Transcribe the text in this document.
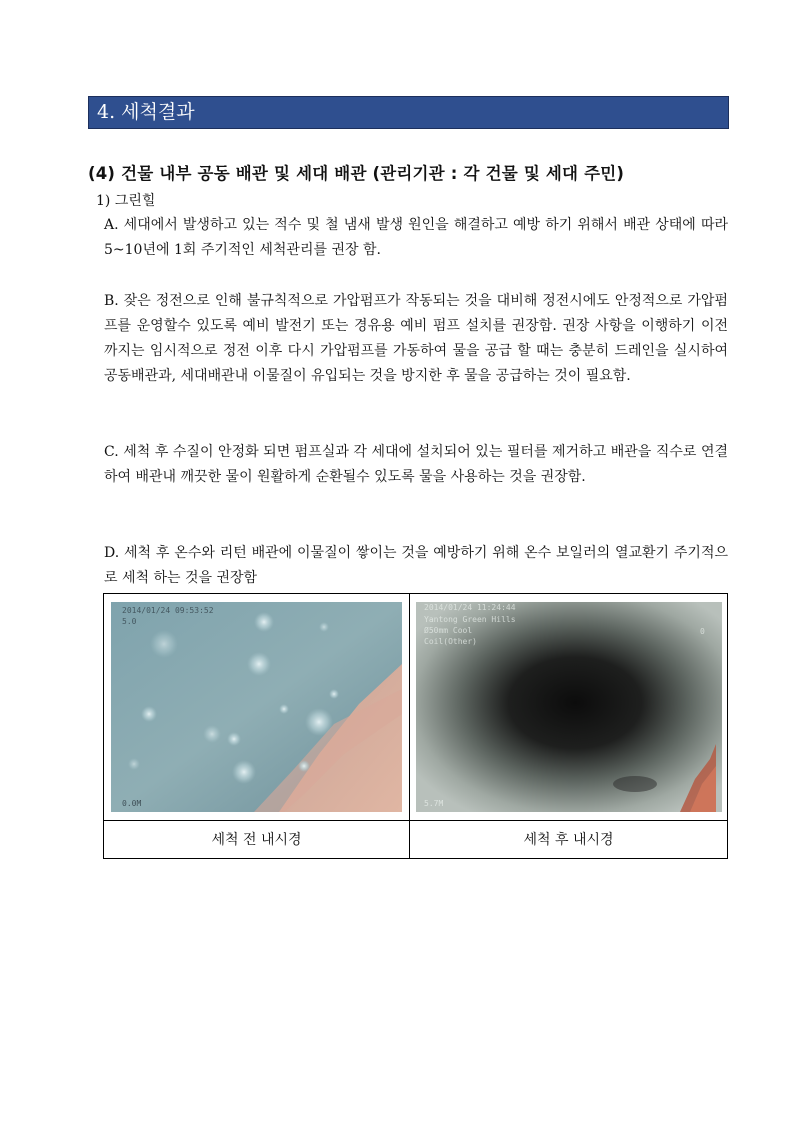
4. 세척결과
(4) 건물 내부 공동 배관 및 세대 배관 (관리기관 : 각 건물 및 세대 주민)
1) 그린힐
A. 세대에서 발생하고 있는 적수 및 철 냄새 발생 원인을 해결하고 예방 하기 위해서 배관 상태에 따라 5~10년에 1회 주기적인 세척관리를 권장 함.
B. 잦은 정전으로 인해 불규칙적으로 가압펌프가 작동되는 것을 대비해 정전시에도 안정적으로 가압펌프를 운영할수 있도록 예비 발전기 또는 경유용 예비 펌프 설치를 권장함. 권장 사항을 이행하기 이전 까지는 임시적으로 정전 이후 다시 가압펌프를 가동하여 물을 공급 할 때는 충분히 드레인을 실시하여 공동배관과, 세대배관내 이물질이 유입되는 것을 방지한 후 물을 공급하는 것이 필요함.
C. 세척 후 수질이 안정화 되면 펌프실과 각 세대에 설치되어 있는 필터를 제거하고 배관을 직수로 연결하여 배관내 깨끗한 물이 원활하게 순환될수 있도록 물을 사용하는 것을 권장함.
D. 세척 후 온수와 리턴 배관에 이물질이 쌓이는 것을 예방하기 위해 온수 보일러의 열교환기 주기적으로 세척 하는 것을 권장함
2014/01/24 09:53:52
5.0
0.0M
2014/01/24 11:24:44
Yantong Green Hills
Ø50mm Cool
Coil(Other)
0
5.7M
세척 전 내시경	세척 후 내시경
